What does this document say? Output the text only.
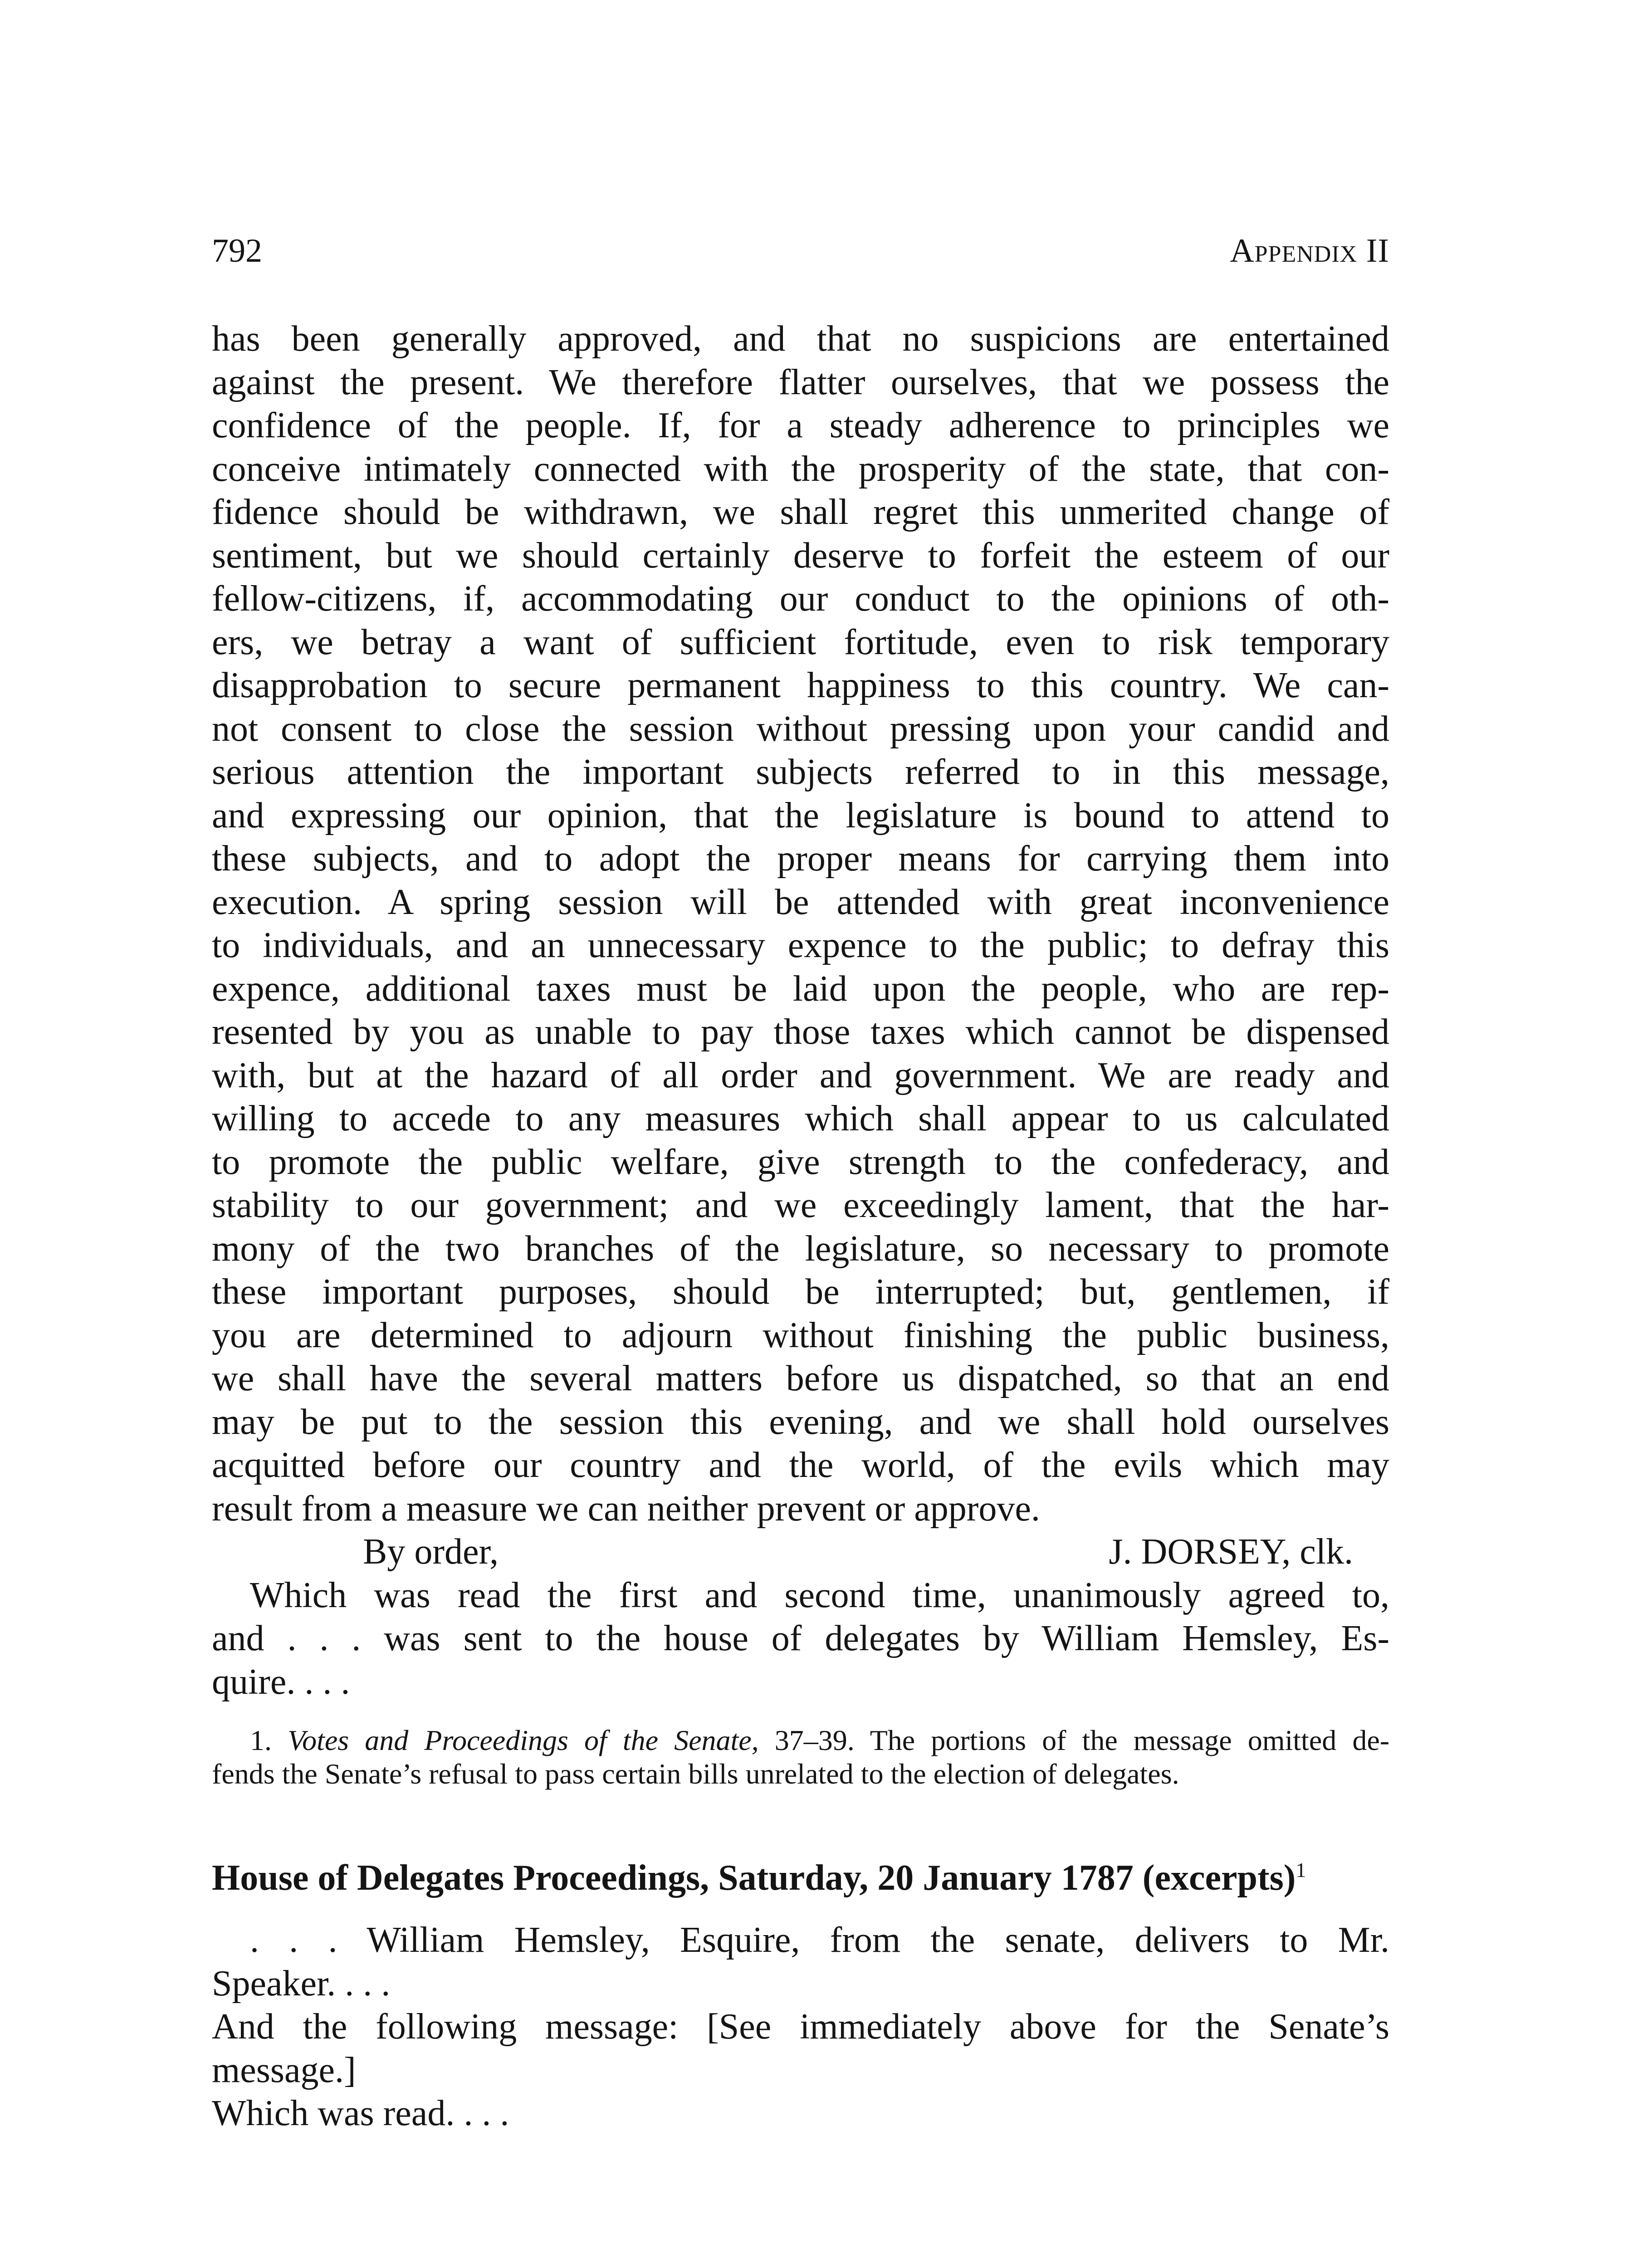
792	Appendix II
has been generally approved, and that no suspicions are entertained
against the present. We therefore flatter ourselves, that we possess the
confidence of the people. If, for a steady adherence to principles we
conceive intimately connected with the prosperity of the state, that con-
fidence should be withdrawn, we shall regret this unmerited change of
sentiment, but we should certainly deserve to forfeit the esteem of our
fellow-citizens, if, accommodating our conduct to the opinions of oth-
ers, we betray a want of sufficient fortitude, even to risk temporary
disapprobation to secure permanent happiness to this country. We can-
not consent to close the session without pressing upon your candid and
serious attention the important subjects referred to in this message,
and expressing our opinion, that the legislature is bound to attend to
these subjects, and to adopt the proper means for carrying them into
execution. A spring session will be attended with great inconvenience
to individuals, and an unnecessary expence to the public; to defray this
expence, additional taxes must be laid upon the people, who are rep-
resented by you as unable to pay those taxes which cannot be dispensed
with, but at the hazard of all order and government. We are ready and
willing to accede to any measures which shall appear to us calculated
to promote the public welfare, give strength to the confederacy, and
stability to our government; and we exceedingly lament, that the har-
mony of the two branches of the legislature, so necessary to promote
these important purposes, should be interrupted; but, gentlemen, if
you are determined to adjourn without finishing the public business,
we shall have the several matters before us dispatched, so that an end
may be put to the session this evening, and we shall hold ourselves
acquitted before our country and the world, of the evils which may
result from a measure we can neither prevent or approve.
By order,	J. DORSEY, clk.
Which was read the first and second time, unanimously agreed to,
and . . . was sent to the house of delegates by William Hemsley, Es-
quire. . . .
1. Votes and Proceedings of the Senate, 37–39. The portions of the message omitted de-
fends the Senate’s refusal to pass certain bills unrelated to the election of delegates.
House of Delegates Proceedings, Saturday, 20 January 1787 (excerpts)$^1$
. . . William Hemsley, Esquire, from the senate, delivers to Mr.
Speaker. . . .
And the following message: [See immediately above for the Senate’s
message.]
Which was read. . . .
